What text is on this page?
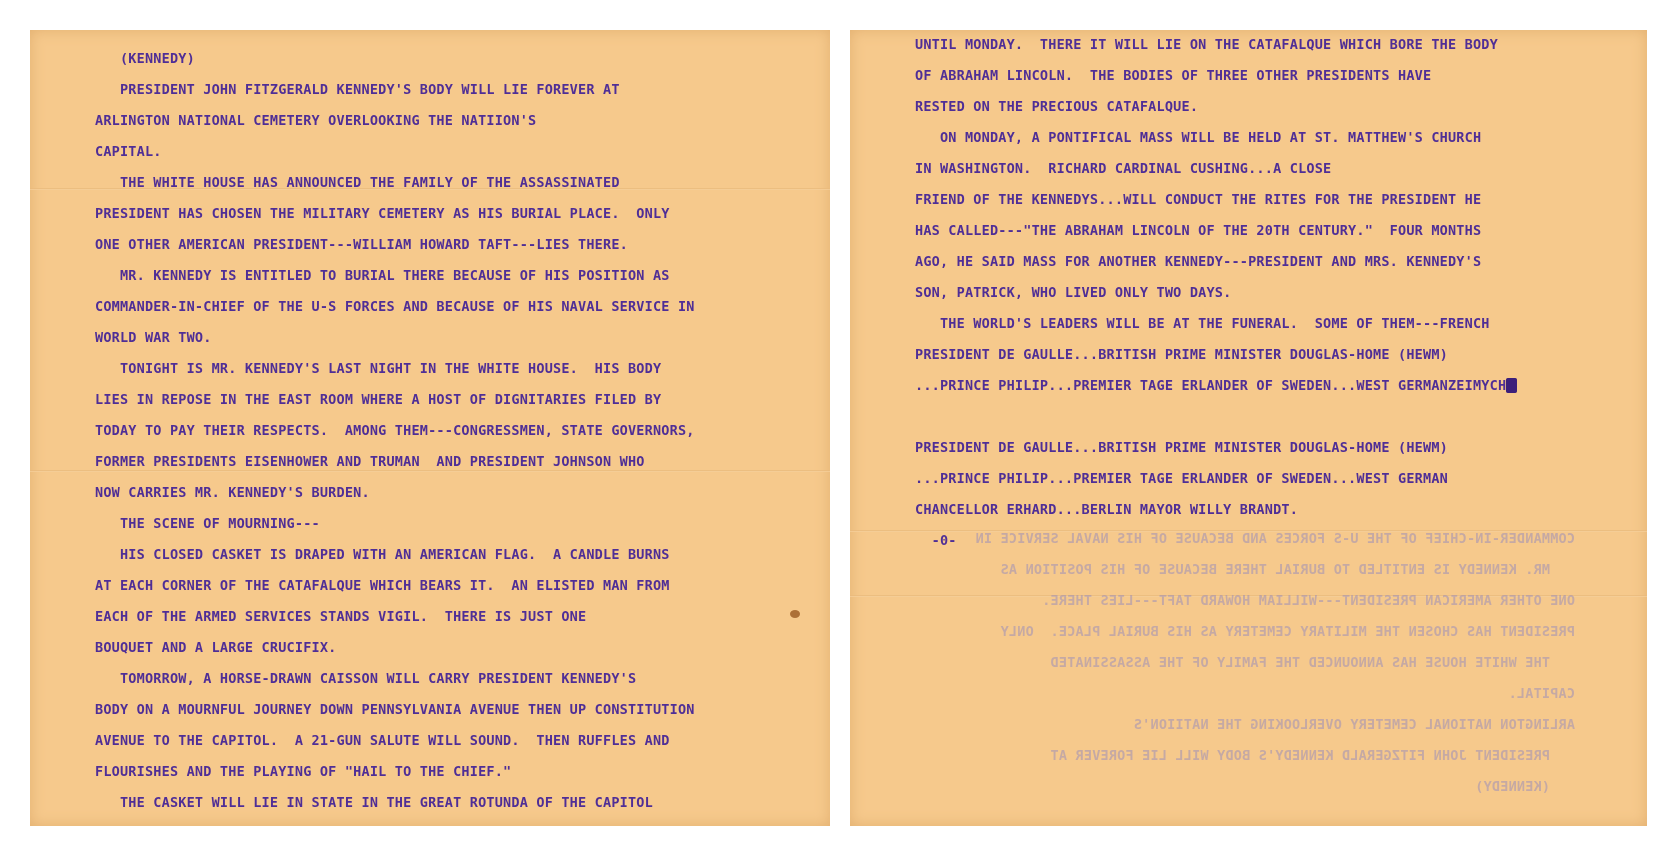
(KENNEDY)
PRESIDENT JOHN FITZGERALD KENNEDY'S BODY WILL LIE FOREVER AT
ARLINGTON NATIONAL CEMETERY OVERLOOKING THE NATIION'S
CAPITAL.
THE WHITE HOUSE HAS ANNOUNCED THE FAMILY OF THE ASSASSINATED
PRESIDENT HAS CHOSEN THE MILITARY CEMETERY AS HIS BURIAL PLACE.  ONLY
ONE OTHER AMERICAN PRESIDENT---WILLIAM HOWARD TAFT---LIES THERE.
MR. KENNEDY IS ENTITLED TO BURIAL THERE BECAUSE OF HIS POSITION AS
COMMANDER-IN-CHIEF OF THE U-S FORCES AND BECAUSE OF HIS NAVAL SERVICE IN
WORLD WAR TWO.
TONIGHT IS MR. KENNEDY'S LAST NIGHT IN THE WHITE HOUSE.  HIS BODY
LIES IN REPOSE IN THE EAST ROOM WHERE A HOST OF DIGNITARIES FILED BY
TODAY TO PAY THEIR RESPECTS.  AMONG THEM---CONGRESSMEN, STATE GOVERNORS,
FORMER PRESIDENTS EISENHOWER AND TRUMAN  AND PRESIDENT JOHNSON WHO
NOW CARRIES MR. KENNEDY'S BURDEN.
THE SCENE OF MOURNING---
HIS CLOSED CASKET IS DRAPED WITH AN AMERICAN FLAG.  A CANDLE BURNS
AT EACH CORNER OF THE CATAFALQUE WHICH BEARS IT.  AN ELISTED MAN FROM
EACH OF THE ARMED SERVICES STANDS VIGIL.  THERE IS JUST ONE
BOUQUET AND A LARGE CRUCIFIX.
TOMORROW, A HORSE-DRAWN CAISSON WILL CARRY PRESIDENT KENNEDY'S
BODY ON A MOURNFUL JOURNEY DOWN PENNSYLVANIA AVENUE THEN UP CONSTITUTION
AVENUE TO THE CAPITOL.  A 21-GUN SALUTE WILL SOUND.  THEN RUFFLES AND
FLOURISHES AND THE PLAYING OF "HAIL TO THE CHIEF."
THE CASKET WILL LIE IN STATE IN THE GREAT ROTUNDA OF THE CAPITOL
UNTIL MONDAY.  THERE IT WILL LIE ON THE CATAFALQUE WHICH BORE THE BODY
OF ABRAHAM LINCOLN.  THE BODIES OF THREE OTHER PRESIDENTS HAVE
RESTED ON THE PRECIOUS CATAFALQUE.
ON MONDAY, A PONTIFICAL MASS WILL BE HELD AT ST. MATTHEW'S CHURCH
IN WASHINGTON.  RICHARD CARDINAL CUSHING...A CLOSE
FRIEND OF THE KENNEDYS...WILL CONDUCT THE RITES FOR THE PRESIDENT HE
HAS CALLED---"THE ABRAHAM LINCOLN OF THE 20TH CENTURY."  FOUR MONTHS
AGO, HE SAID MASS FOR ANOTHER KENNEDY---PRESIDENT AND MRS. KENNEDY'S
SON, PATRICK, WHO LIVED ONLY TWO DAYS.
THE WORLD'S LEADERS WILL BE AT THE FUNERAL.  SOME OF THEM---FRENCH
PRESIDENT DE GAULLE...BRITISH PRIME MINISTER DOUGLAS-HOME (HEWM)
...PRINCE PHILIP...PREMIER TAGE ERLANDER OF SWEDEN...WEST GERMANZEIMYCH
PRESIDENT DE GAULLE...BRITISH PRIME MINISTER DOUGLAS-HOME (HEWM)
...PRINCE PHILIP...PREMIER TAGE ERLANDER OF SWEDEN...WEST GERMAN
CHANCELLOR ERHARD...BERLIN MAYOR WILLY BRANDT.
-0-	COMMANDER-IN-CHIEF OF THE U-S FORCES AND BECAUSE OF HIS NAVAL SERVICE IN
MR. KENNEDY IS ENTITLED TO BURIAL THERE BECAUSE OF HIS POSITION AS
ONE OTHER AMERICAN PRESIDENT---WILLIAM HOWARD TAFT---LIES THERE.
PRESIDENT HAS CHOSEN THE MILITARY CEMETERY AS HIS BURIAL PLACE.  ONLY
THE WHITE HOUSE HAS ANNOUNCED THE FAMILY OF THE ASSASSINATED
CAPITAL.
ARLINGTON NATIONAL CEMETERY OVERLOOKING THE NATIION'S
PRESIDENT JOHN FITZGERALD KENNEDY'S BODY WILL LIE FOREVER AT
(KENNEDY)
